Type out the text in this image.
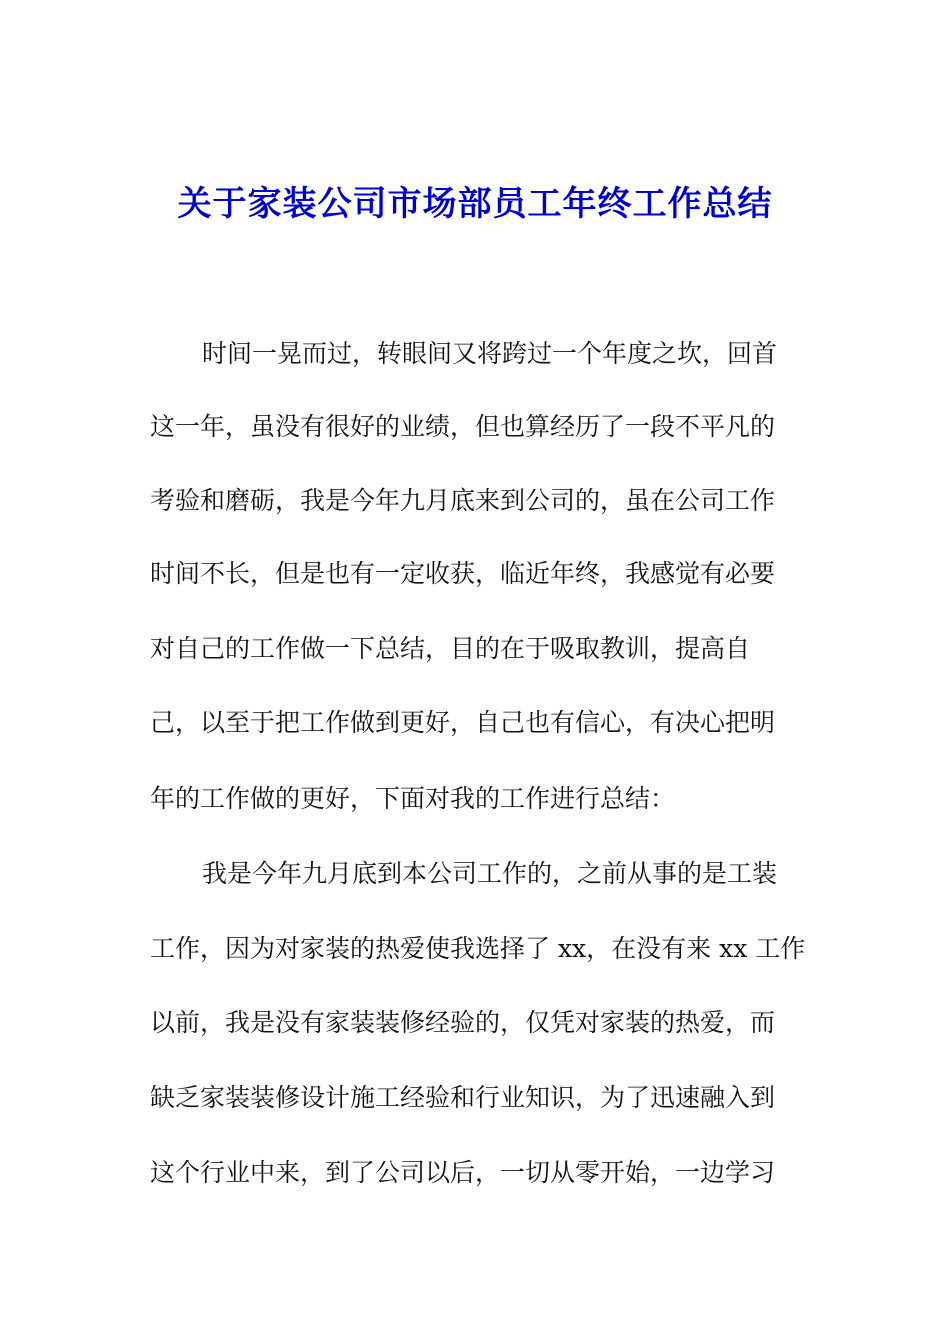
关于家装公司市场部员工年终工作总结
时间一晃而过，转眼间又将跨过一个年度之坎，回首
这一年，虽没有很好的业绩，但也算经历了一段不平凡的
考验和磨砺，我是今年九月底来到公司的，虽在公司工作
时间不长，但是也有一定收获，临近年终，我感觉有必要
对自己的工作做一下总结，目的在于吸取教训，提高自
己，以至于把工作做到更好，自己也有信心，有决心把明
年的工作做的更好，下面对我的工作进行总结：
我是今年九月底到本公司工作的，之前从事的是工装
工作，因为对家装的热爱使我选择了 xx，在没有来 xx 工作
以前，我是没有家装装修经验的，仅凭对家装的热爱，而
缺乏家装装修设计施工经验和行业知识，为了迅速融入到
这个行业中来，到了公司以后，一切从零开始，一边学习
